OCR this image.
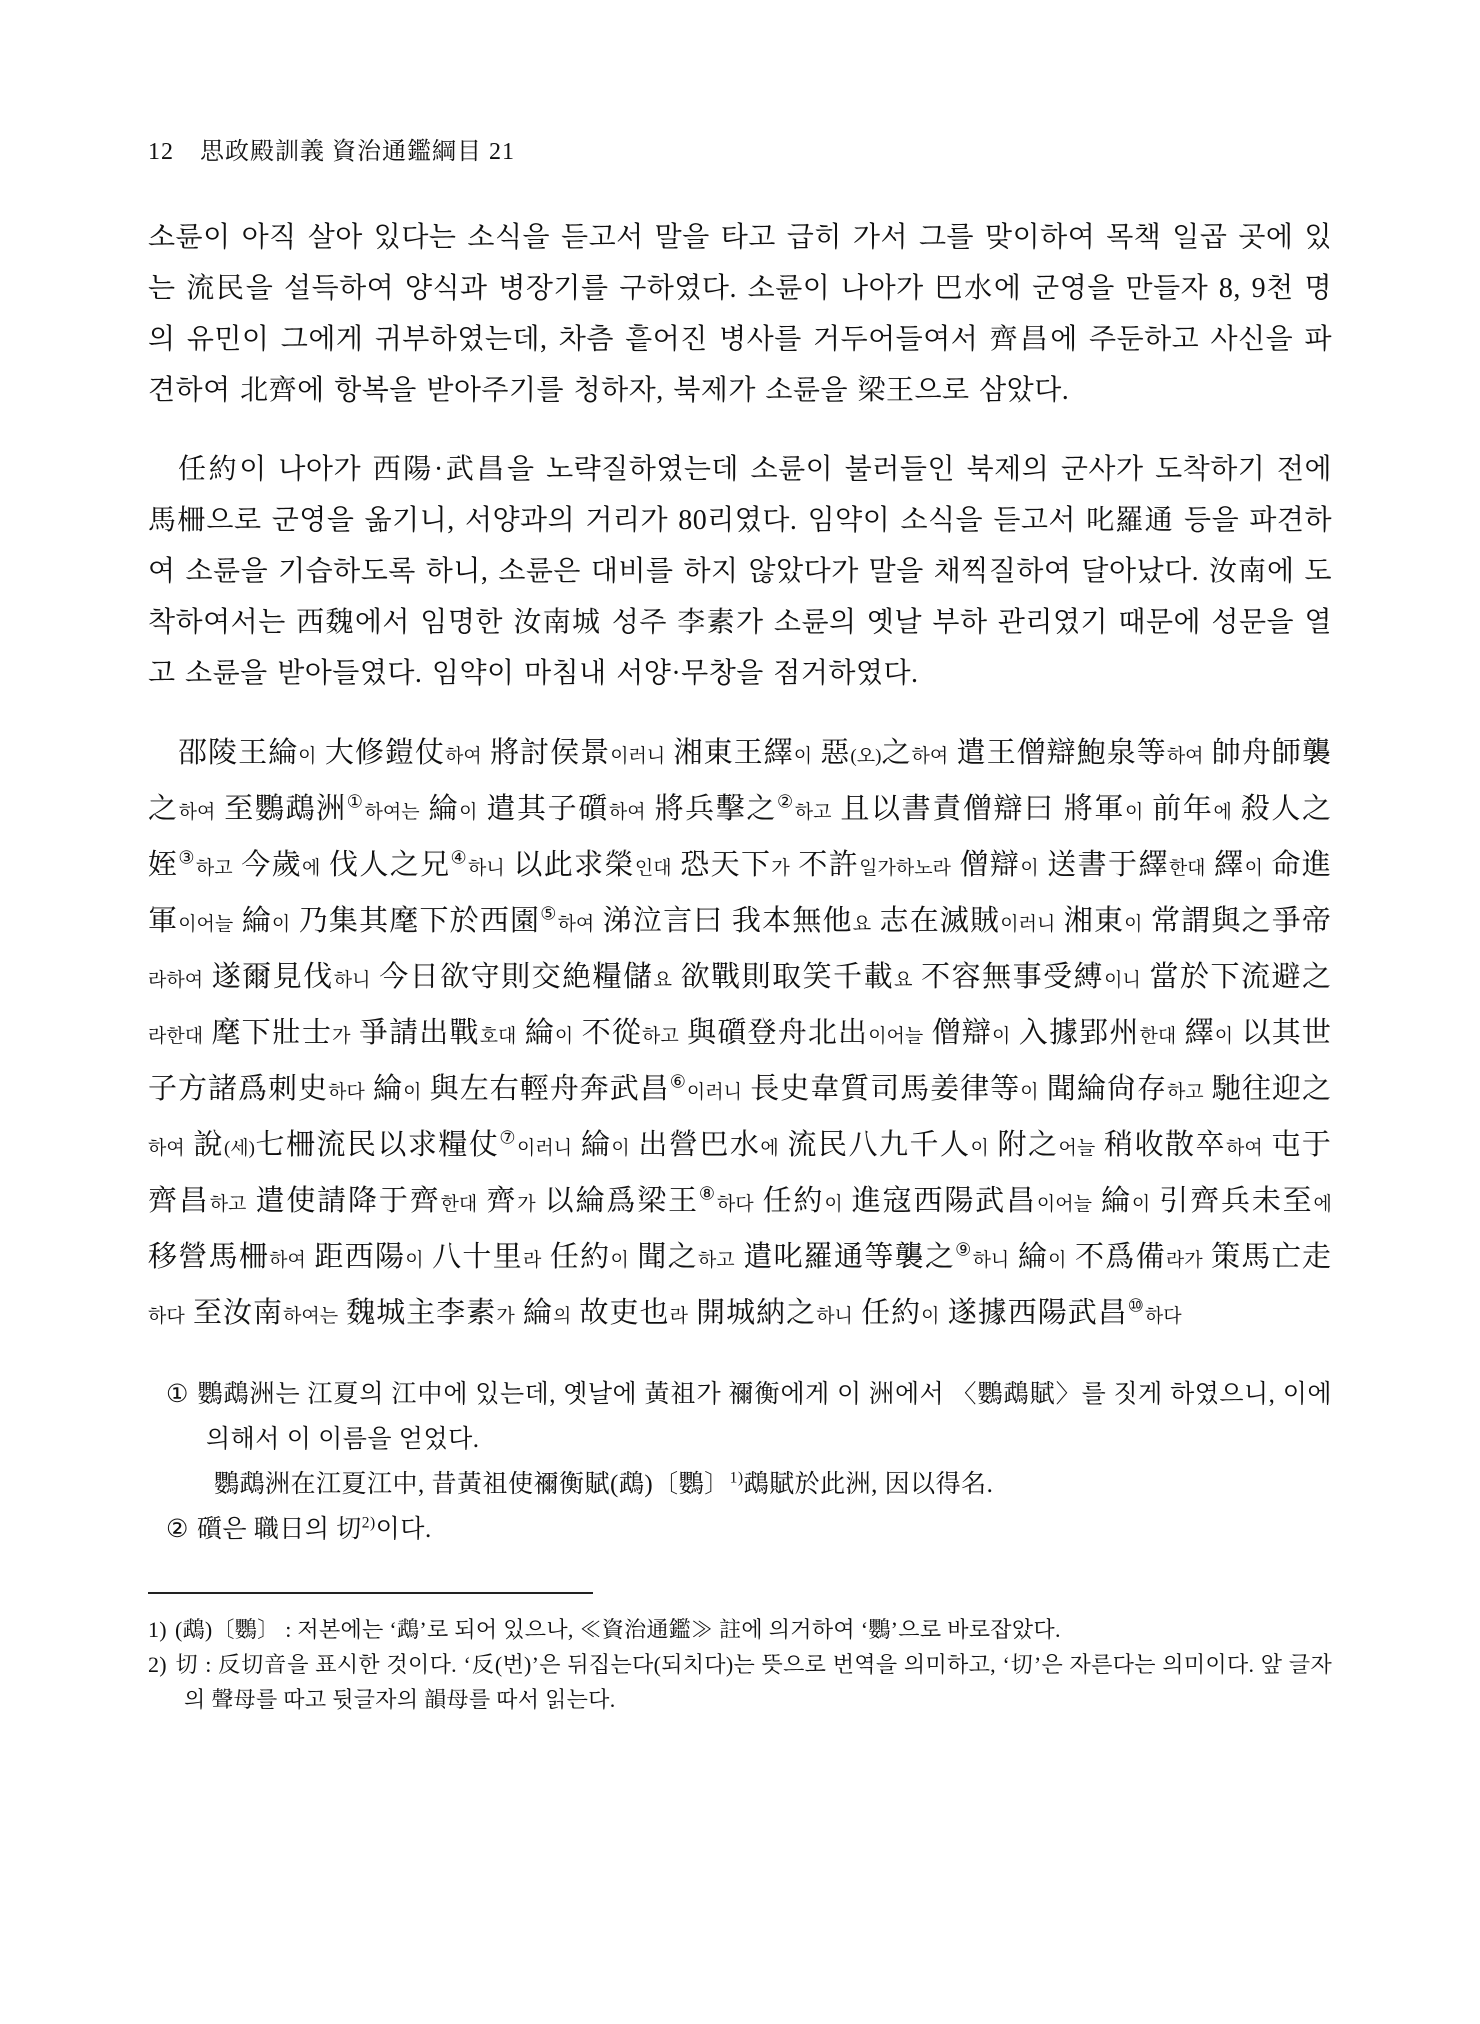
12 思政殿訓義 資治通鑑綱目 21

소륜이 아직 살아 있다는 소식을 듣고서 말을 타고 급히 가서 그를 맞이하여 목책 일곱 곳에 있는 流民을 설득하여 양식과 병장기를 구하였다. 소륜이 나아가 巴水에 군영을 만들자 8, 9천 명의 유민이 그에게 귀부하였는데, 차츰 흩어진 병사를 거두어들여서 齊昌에 주둔하고 사신을 파견하여 北齊에 항복을 받아주기를 청하자, 북제가 소륜을 梁王으로 삼았다.

任約이 나아가 西陽·武昌을 노략질하였는데 소륜이 불러들인 북제의 군사가 도착하기 전에 馬柵으로 군영을 옮기니, 서양과의 거리가 80리였다. 임약이 소식을 듣고서 叱羅通 등을 파견하여 소륜을 기습하도록 하니, 소륜은 대비를 하지 않았다가 말을 채찍질하여 달아났다. 汝南에 도착하여서는 西魏에서 임명한 汝南城 성주 李素가 소륜의 옛날 부하 관리였기 때문에 성문을 열고 소륜을 받아들였다. 임약이 마침내 서양·무창을 점거하였다.

邵陵王綸이 大修鎧仗하여 將討侯景이러니 湘東王繹이 惡(오)之하여 遣王僧辯鮑泉等하여 帥舟師襲之하여 至鸚鵡洲①하여는 綸이 遣其子礩하여 將兵擊之②하고 且以書責僧辯曰 將軍이 前年에 殺人之姪③하고 今歲에 伐人之兄④하니 以此求榮인대 恐天下가 不許일가하노라 僧辯이 送書于繹한대 繹이 命進軍이어늘 綸이 乃集其麾下於西園⑤하여 涕泣言曰 我本無他요 志在滅賊이러니 湘東이 常謂與之爭帝라하여 遂爾見伐하니 今日欲守則交絶糧儲요 欲戰則取笑千載요 不容無事受縛이니 當於下流避之라한대 麾下壯士가 爭請出戰호대 綸이 不從하고 與礩登舟北出이어늘 僧辯이 入據郢州한대 繹이 以其世子方諸爲刺史하다 綸이 與左右輕舟奔武昌⑥이러니 長史韋質司馬姜律等이 聞綸尙存하고 馳往迎之하여 說(세)七柵流民以求糧仗⑦이러니 綸이 出營巴水에 流民八九千人이 附之어늘 稍收散卒하여 屯于齊昌하고 遣使請降于齊한대 齊가 以綸爲梁王⑧하다 任約이 進寇西陽武昌이어늘 綸이 引齊兵未至에 移營馬柵하여 距西陽이 八十里라 任約이 聞之하고 遣叱羅通等襲之⑨하니 綸이 不爲備라가 策馬亡走하다 至汝南하여는 魏城主李素가 綸의 故吏也라 開城納之하니 任約이 遂據西陽武昌⑩하다

① 鸚鵡洲는 江夏의 江中에 있는데, 옛날에 黃祖가 禰衡에게 이 洲에서 〈鸚鵡賦〉를 짓게 하였으니, 이에 의해서 이 이름을 얻었다.
鸚鵡洲在江夏江中, 昔黃祖使禰衡賦(鵡)〔鸚〕$^{1)}$鵡賦於此洲, 因以得名.
② 礩은 職日의 切$^{2)}$이다.
1) (鵡)〔鸚〕 : 저본에는 ‘鵡’로 되어 있으나, ≪資治通鑑≫ 註에 의거하여 ‘鸚’으로 바로잡았다.
2) 切 : 反切音을 표시한 것이다. ‘反(번)’은 뒤집는다(되치다)는 뜻으로 번역을 의미하고, ‘切’은 자른다는 의미이다. 앞 글자의 聲母를 따고 뒷글자의 韻母를 따서 읽는다.
